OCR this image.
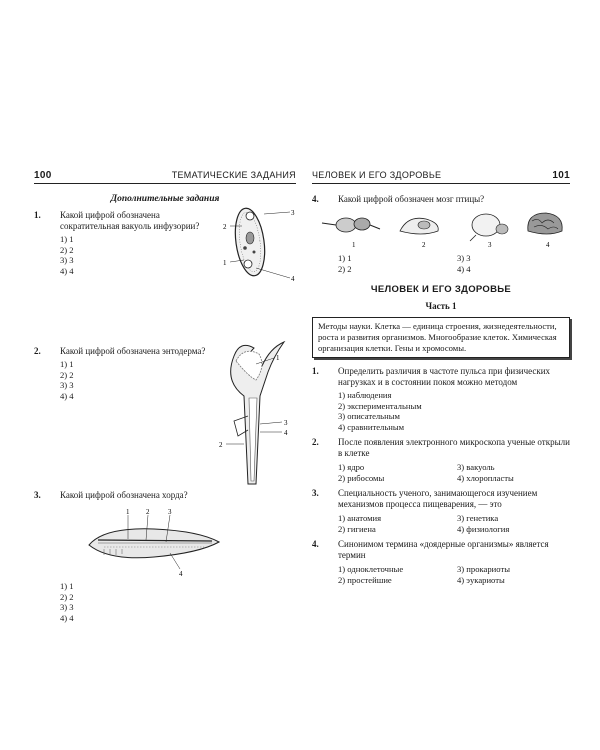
100	ТЕМАТИЧЕСКИЕ ЗАДАНИЯ
Дополнительные задания
1. Какой цифрой обозначена сократительная вакуоль инфузории?
1) 1
2) 2
3) 3
4) 4
3
2
1
4
2. Какой цифрой обозначена энтодерма?
1) 1
2) 2
3) 3
4) 4
1
3
4
2
3. Какой цифрой обозначена хорда?
1 2	3
4
1) 1
2) 2
3) 3
4) 4
ЧЕЛОВЕК И ЕГО ЗДОРОВЬЕ	101
4. Какой цифрой обозначен мозг птицы?
1	2	3	4
1) 1	3) 3
2) 2	4) 4
ЧЕЛОВЕК И ЕГО ЗДОРОВЬЕ
Часть 1
Методы науки. Клетка — единица строения, жизнедеятельности, роста и развития организмов. Многообразие клеток. Химическая организация клетки. Гены и хромосомы.
1. Определить различия в частоте пульса при физических нагрузках и в состоянии покоя можно методом
1) наблюдения
2) экспериментальным
3) описательным
4) сравнительным
2. После появления электронного микроскопа ученые открыли в клетке
1) ядро	3) вакуоль
2) рибосомы	4) хлоропласты
3. Специальность ученого, занимающегося изучением механизмов процесса пищеварения, — это
1) анатомия	3) генетика
2) гигиена	4) физиология
4. Синонимом термина «доядерные организмы» является термин
1) одноклеточные	3) прокариоты
2) простейшие	4) эукариоты
